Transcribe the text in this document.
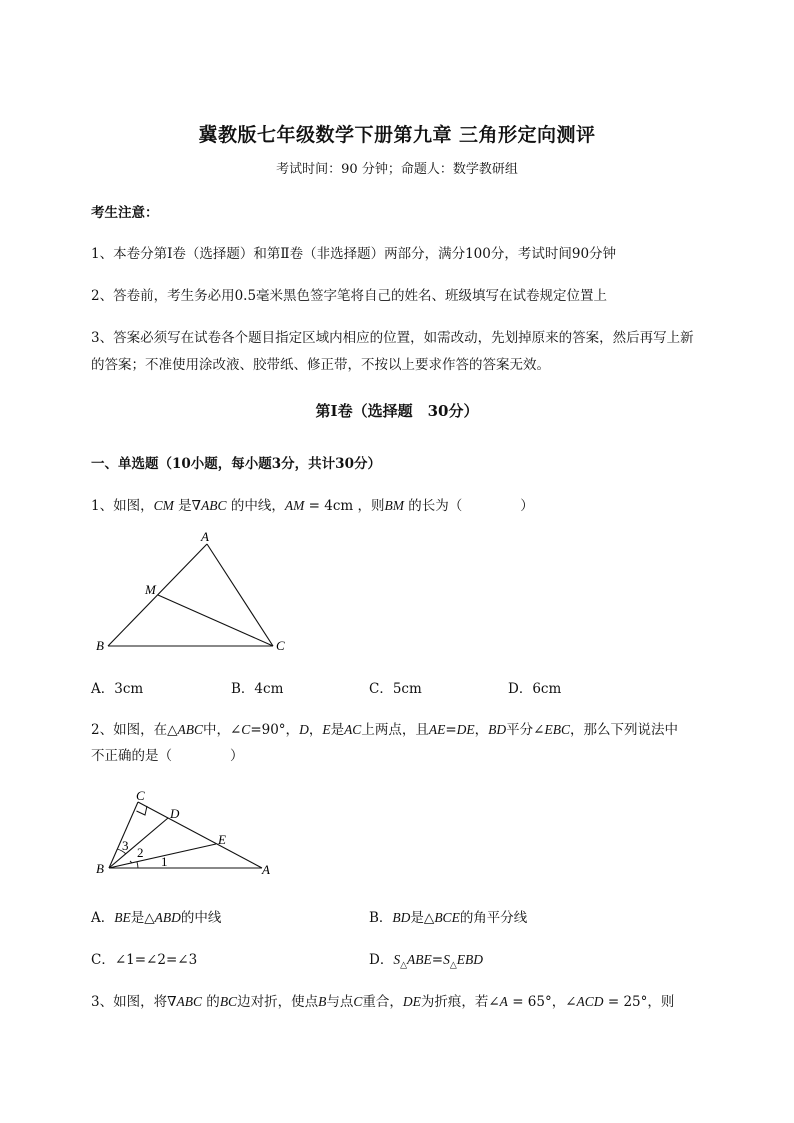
冀教版七年级数学下册第九章 三角形定向测评
考试时间：90 分钟；命题人：数学教研组
考生注意：
1、本卷分第Ⅰ卷（选择题）和第Ⅱ卷（非选择题）两部分，满分100分，考试时间90分钟
2、答卷前，考生务必用0.5毫米黑色签字笔将自己的姓名、班级填写在试卷规定位置上
3、答案必须写在试卷各个题目指定区域内相应的位置，如需改动，先划掉原来的答案，然后再写上新
的答案；不准使用涂改液、胶带纸、修正带，不按以上要求作答的答案无效。
第Ⅰ卷（选择题　30分）
一、单选题（10小题，每小题3分，共计30分）
1、如图，CM 是∇ABC 的中线，AM = 4cm ，则BM 的长为（	）
A
M
B	C
A．3cm	B．4cm	C．5cm	D．6cm
2、如图，在△ABC中，∠C=90°，D，E是AC上两点，且AE=DE，BD平分∠EBC，那么下列说法中
不正确的是（	）
C
D
E
B	A
3 2
1
A．BE是△ABD的中线	B．BD是△BCE的角平分线
C．∠1=∠2=∠3	D．$S_\triangle ABE=S_\triangle EBD$
3、如图，将∇ABC 的BC边对折，使点B与点C重合，DE为折痕，若∠A = 65°，∠ACD = 25°，则
